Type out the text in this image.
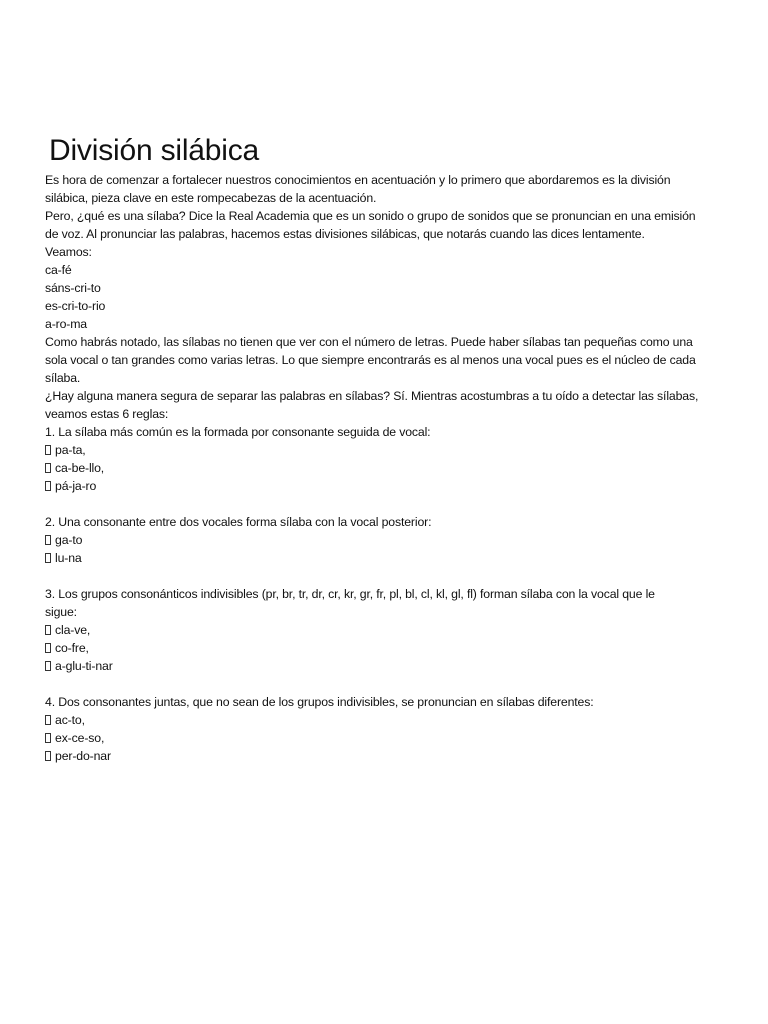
División silábica
Es hora de comenzar a fortalecer nuestros conocimientos en acentuación y lo primero que abordaremos es la división
silábica, pieza clave en este rompecabezas de la acentuación.
Pero, ¿qué es una sílaba? Dice la Real Academia que es un sonido o grupo de sonidos que se pronuncian en una emisión
de voz. Al pronunciar las palabras, hacemos estas divisiones silábicas, que notarás cuando las dices lentamente.
Veamos:
ca-fé
sáns-cri-to
es-cri-to-rio
a-ro-ma
Como habrás notado, las sílabas no tienen que ver con el número de letras. Puede haber sílabas tan pequeñas como una
sola vocal o tan grandes como varias letras. Lo que siempre encontrarás es al menos una vocal pues es el núcleo de cada
sílaba.
¿Hay alguna manera segura de separar las palabras en sílabas? Sí. Mientras acostumbras a tu oído a detectar las sílabas,
veamos estas 6 reglas:
1. La sílaba más común es la formada por consonante seguida de vocal:
pa-ta,
ca-be-llo,
pá-ja-ro
2. Una consonante entre dos vocales forma sílaba con la vocal posterior:
ga-to
lu-na
3. Los grupos consonánticos indivisibles (pr, br, tr, dr, cr, kr, gr, fr, pl, bl, cl, kl, gl, fl) forman sílaba con la vocal que le
sigue:
cla-ve,
co-fre,
a-glu-ti-nar
4. Dos consonantes juntas, que no sean de los grupos indivisibles, se pronuncian en sílabas diferentes:
ac-to,
ex-ce-so,
per-do-nar
